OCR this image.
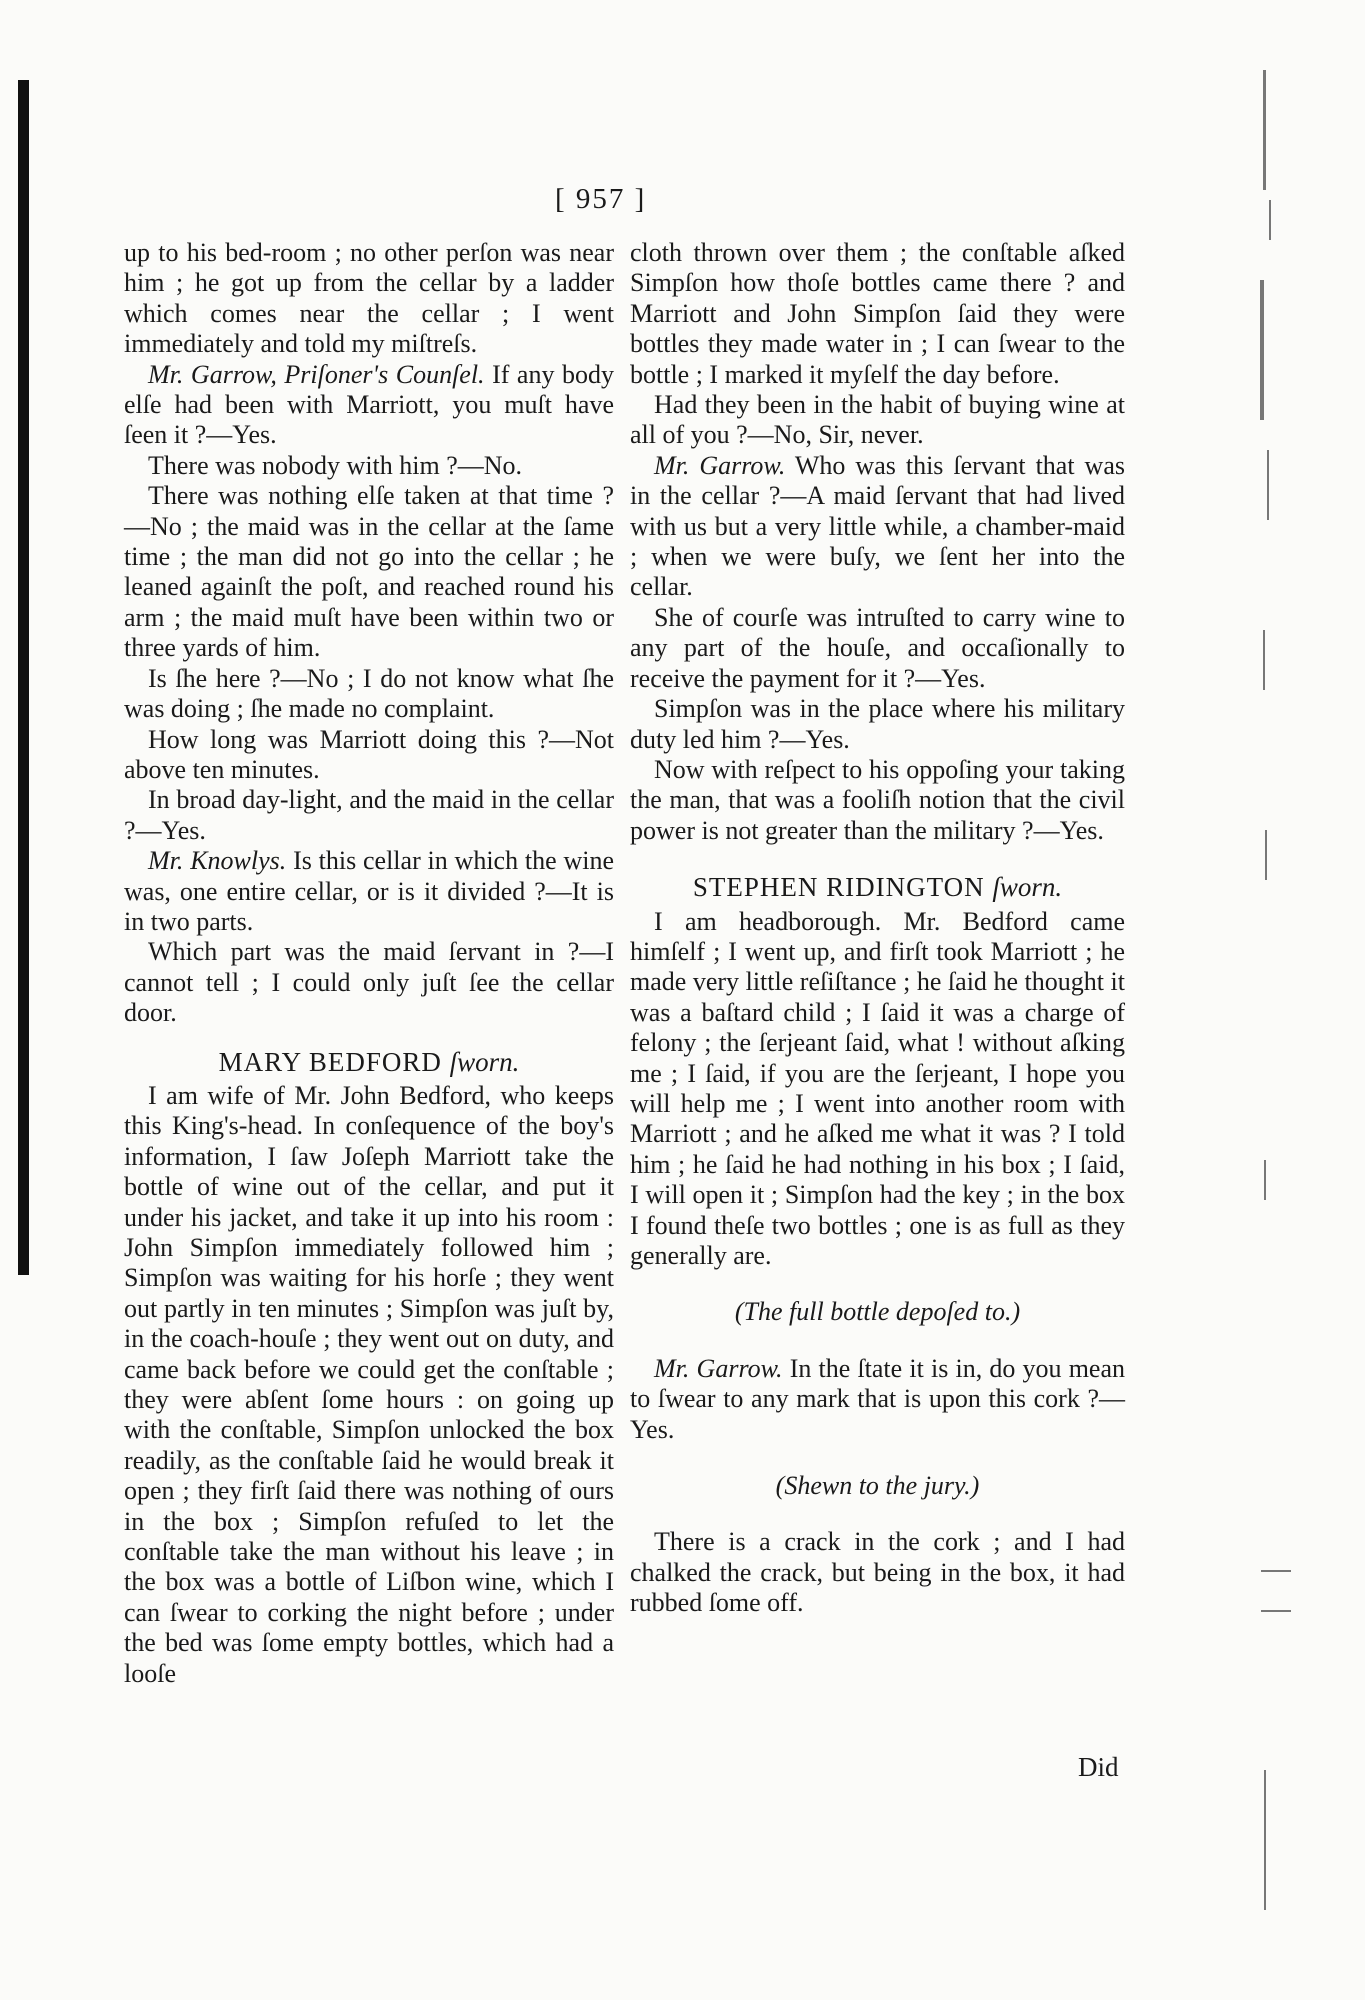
[ 957 ]

up to his bed-room ; no other perſon was near him ; he got up from the cellar by a ladder which comes near the cellar ; I went immediately and told my miſtreſs.

Mr. Garrow, Priſoner's Counſel. If any body elſe had been with Marriott, you muſt have ſeen it ?—Yes.

There was nobody with him ?—No.

There was nothing elſe taken at that time ?—No ; the maid was in the cellar at the ſame time ; the man did not go into the cellar ; he leaned againſt the poſt, and reached round his arm ; the maid muſt have been within two or three yards of him.

Is ſhe here ?—No ; I do not know what ſhe was doing ; ſhe made no complaint.

How long was Marriott doing this ?—Not above ten minutes.

In broad day-light, and the maid in the cellar ?—Yes.

Mr. Knowlys. Is this cellar in which the wine was, one entire cellar, or is it divided ?—It is in two parts.

Which part was the maid ſervant in ?—I cannot tell ; I could only juſt ſee the cellar door.

MARY BEDFORD ſworn.

I am wife of Mr. John Bedford, who keeps this King's-head. In conſequence of the boy's information, I ſaw Joſeph Marriott take the bottle of wine out of the cellar, and put it under his jacket, and take it up into his room : John Simpſon immediately followed him ; Simpſon was waiting for his horſe ; they went out partly in ten minutes ; Simpſon was juſt by, in the coach-houſe ; they went out on duty, and came back before we could get the conſtable ; they were abſent ſome hours : on going up with the conſtable, Simpſon unlocked the box readily, as the conſtable ſaid he would break it open ; they firſt ſaid there was nothing of ours in the box ; Simpſon refuſed to let the conſtable take the man without his leave ; in the box was a bottle of Liſbon wine, which I can ſwear to corking the night before ; under the bed was ſome empty bottles, which had a looſe

cloth thrown over them ; the conſtable aſked Simpſon how thoſe bottles came there ? and Marriott and John Simpſon ſaid they were bottles they made water in ; I can ſwear to the bottle ; I marked it myſelf the day before.

Had they been in the habit of buying wine at all of you ?—No, Sir, never.

Mr. Garrow. Who was this ſervant that was in the cellar ?—A maid ſervant that had lived with us but a very little while, a chamber-maid ; when we were buſy, we ſent her into the cellar.

She of courſe was intruſted to carry wine to any part of the houſe, and occaſionally to receive the payment for it ?—Yes.

Simpſon was in the place where his military duty led him ?—Yes.

Now with reſpect to his oppoſing your taking the man, that was a fooliſh notion that the civil power is not greater than the military ?—Yes.

STEPHEN RIDINGTON ſworn.

I am headborough. Mr. Bedford came himſelf ; I went up, and firſt took Marriott ; he made very little reſiſtance ; he ſaid he thought it was a baſtard child ; I ſaid it was a charge of felony ; the ſerjeant ſaid, what ! without aſking me ; I ſaid, if you are the ſerjeant, I hope you will help me ; I went into another room with Marriott ; and he aſked me what it was ? I told him ; he ſaid he had nothing in his box ; I ſaid, I will open it ; Simpſon had the key ; in the box I found theſe two bottles ; one is as full as they generally are.

(The full bottle depoſed to.)

Mr. Garrow. In the ſtate it is in, do you mean to ſwear to any mark that is upon this cork ?—Yes.

(Shewn to the jury.)

There is a crack in the cork ; and I had chalked the crack, but being in the box, it had rubbed ſome off.

Did
